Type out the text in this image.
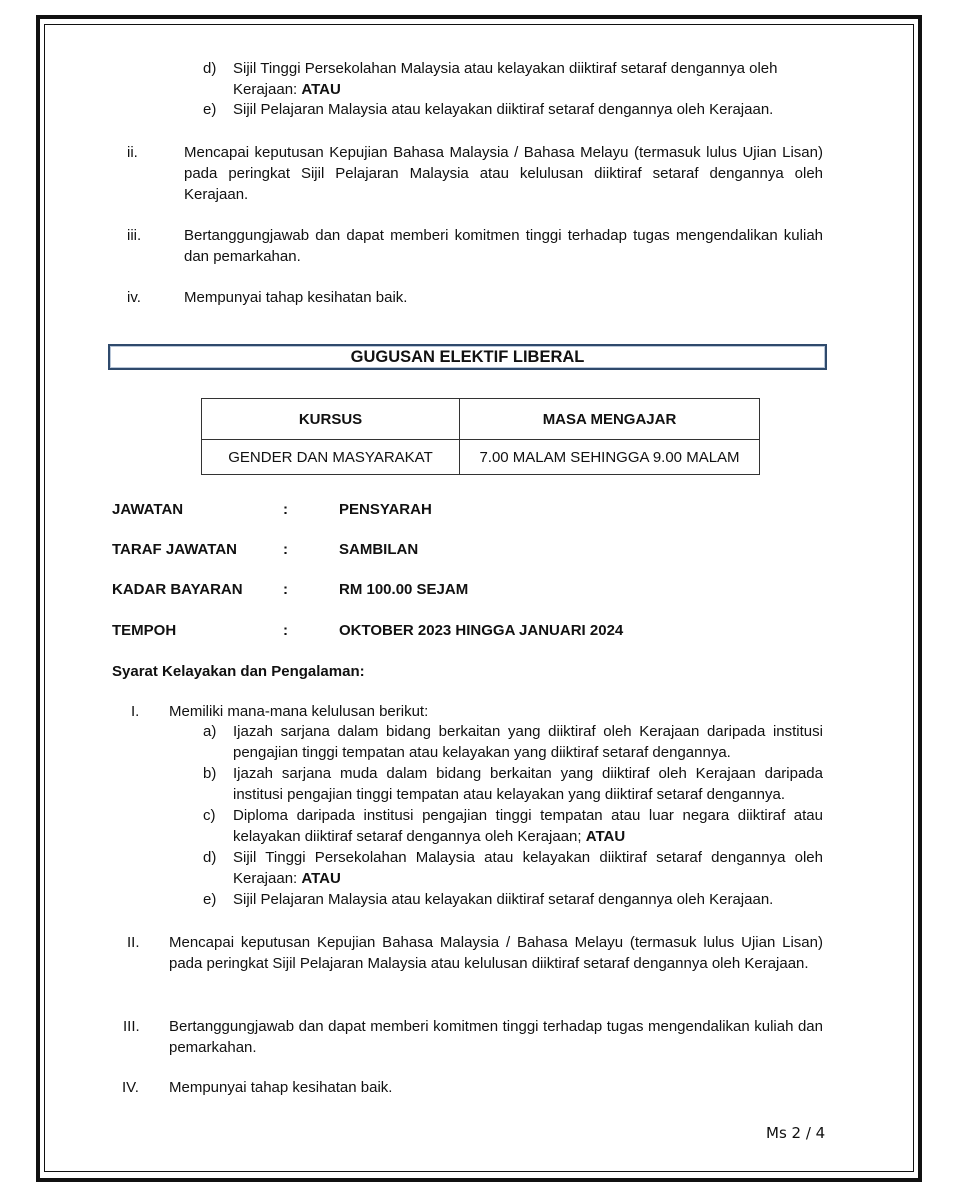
d) Sijil Tinggi Persekolahan Malaysia atau kelayakan diiktiraf setaraf dengannya oleh
Kerajaan: ATAU
e) Sijil Pelajaran Malaysia atau kelayakan diiktiraf setaraf dengannya oleh Kerajaan.
ii.	Mencapai keputusan Kepujian Bahasa Malaysia / Bahasa Melayu (termasuk lulus Ujian Lisan) pada peringkat Sijil Pelajaran Malaysia atau kelulusan diiktiraf setaraf dengannya oleh Kerajaan.
iii.	Bertanggungjawab dan dapat memberi komitmen tinggi terhadap tugas mengendalikan kuliah dan pemarkahan.
iv.	Mempunyai tahap kesihatan baik.
GUGUSAN ELEKTIF LIBERAL
KURSUS	MASA MENGAJAR
GENDER DAN MASYARAKAT	7.00 MALAM SEHINGGA 9.00 MALAM
JAWATAN	:	PENSYARAH
TARAF JAWATAN	:	SAMBILAN
KADAR BAYARAN	:	RM 100.00 SEJAM
TEMPOH	:	OKTOBER 2023 HINGGA JANUARI 2024
Syarat Kelayakan dan Pengalaman:
I. Memiliki mana-mana kelulusan berikut:
a) Ijazah sarjana dalam bidang berkaitan yang diiktiraf oleh Kerajaan daripada institusi pengajian tinggi tempatan atau kelayakan yang diiktiraf setaraf dengannya.
b) Ijazah sarjana muda dalam bidang berkaitan yang diiktiraf oleh Kerajaan daripada institusi pengajian tinggi tempatan atau kelayakan yang diiktiraf setaraf dengannya.
c) Diploma daripada institusi pengajian tinggi tempatan atau luar negara diiktiraf atau kelayakan diiktiraf setaraf dengannya oleh Kerajaan; ATAU
d) Sijil Tinggi Persekolahan Malaysia atau kelayakan diiktiraf setaraf dengannya oleh Kerajaan: ATAU
e) Sijil Pelajaran Malaysia atau kelayakan diiktiraf setaraf dengannya oleh Kerajaan.
II. Mencapai keputusan Kepujian Bahasa Malaysia / Bahasa Melayu (termasuk lulus Ujian Lisan) pada peringkat Sijil Pelajaran Malaysia atau kelulusan diiktiraf setaraf dengannya oleh Kerajaan.
III. Bertanggungjawab dan dapat memberi komitmen tinggi terhadap tugas mengendalikan kuliah dan pemarkahan.
IV. Mempunyai tahap kesihatan baik.
Ms 2 / 4
